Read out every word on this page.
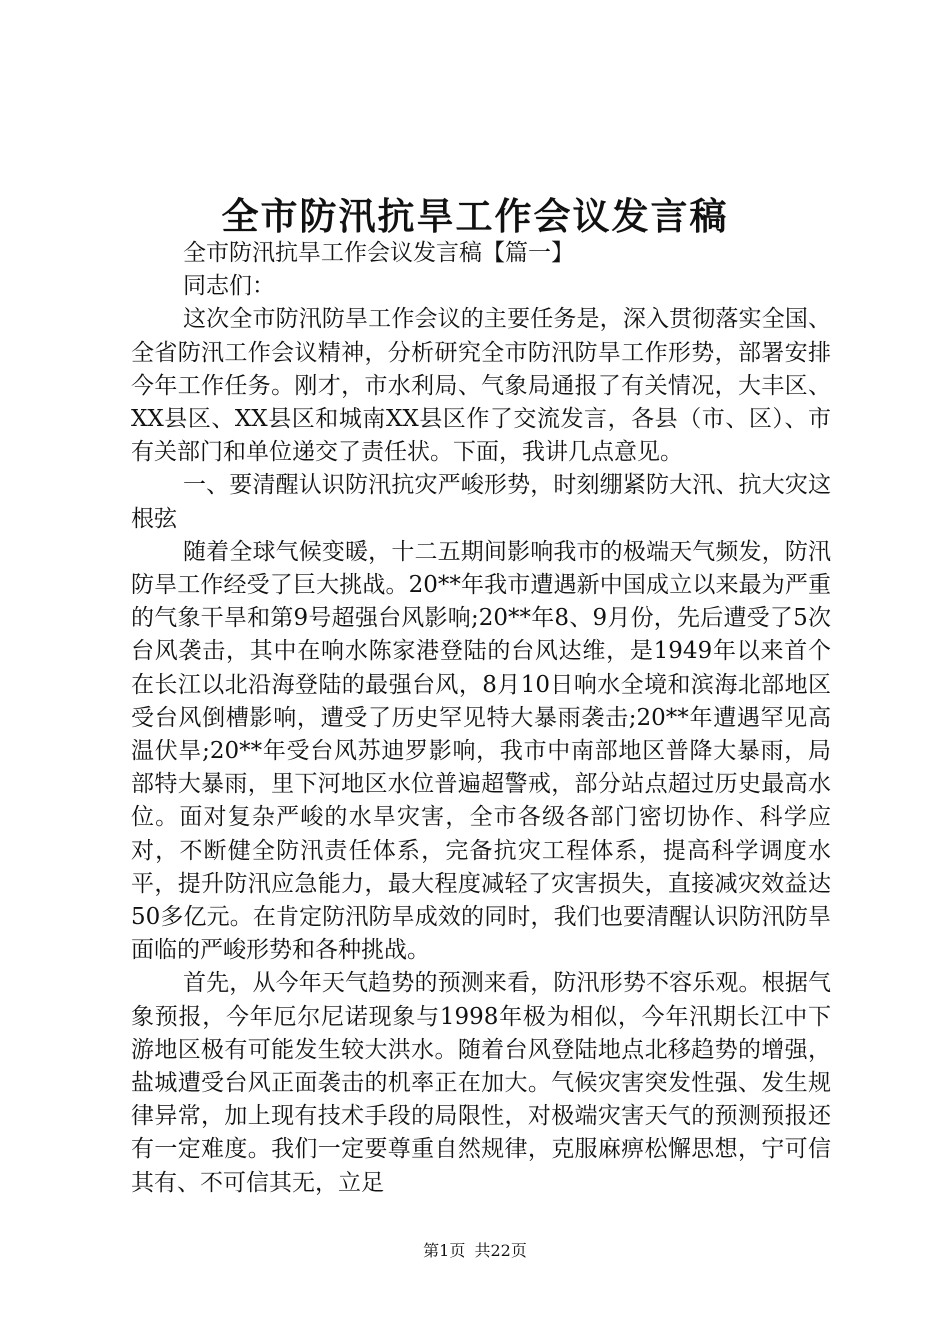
全市防汛抗旱工作会议发言稿

全市防汛抗旱工作会议发言稿【篇一】

同志们：

这次全市防汛防旱工作会议的主要任务是，深入贯彻落实全国、全省防汛工作会议精神，分析研究全市防汛防旱工作形势，部署安排今年工作任务。刚才，市水利局、气象局通报了有关情况，大丰区、XX县区、XX县区和城南XX县区作了交流发言，各县（市、区）、市有关部门和单位递交了责任状。下面，我讲几点意见。

一、要清醒认识防汛抗灾严峻形势，时刻绷紧防大汛、抗大灾这根弦

随着全球气候变暖，十二五期间影响我市的极端天气频发，防汛防旱工作经受了巨大挑战。20**年我市遭遇新中国成立以来最为严重的气象干旱和第9号超强台风影响;20**年8、9月份，先后遭受了5次台风袭击，其中在响水陈家港登陆的台风达维，是1949年以来首个在长江以北沿海登陆的最强台风，8月10日响水全境和滨海北部地区受台风倒槽影响，遭受了历史罕见特大暴雨袭击;20**年遭遇罕见高温伏旱;20**年受台风苏迪罗影响，我市中南部地区普降大暴雨，局部特大暴雨，里下河地区水位普遍超警戒，部分站点超过历史最高水位。面对复杂严峻的水旱灾害，全市各级各部门密切协作、科学应对，不断健全防汛责任体系，完备抗灾工程体系，提高科学调度水平，提升防汛应急能力，最大程度减轻了灾害损失，直接减灾效益达50多亿元。在肯定防汛防旱成效的同时，我们也要清醒认识防汛防旱面临的严峻形势和各种挑战。

首先，从今年天气趋势的预测来看，防汛形势不容乐观。根据气象预报，今年厄尔尼诺现象与1998年极为相似，今年汛期长江中下游地区极有可能发生较大洪水。随着台风登陆地点北移趋势的增强，盐城遭受台风正面袭击的机率正在加大。气候灾害突发性强、发生规律异常，加上现有技术手段的局限性，对极端灾害天气的预测预报还有一定难度。我们一定要尊重自然规律，克服麻痹松懈思想，宁可信其有、不可信其无，立足

第1页 共22页
